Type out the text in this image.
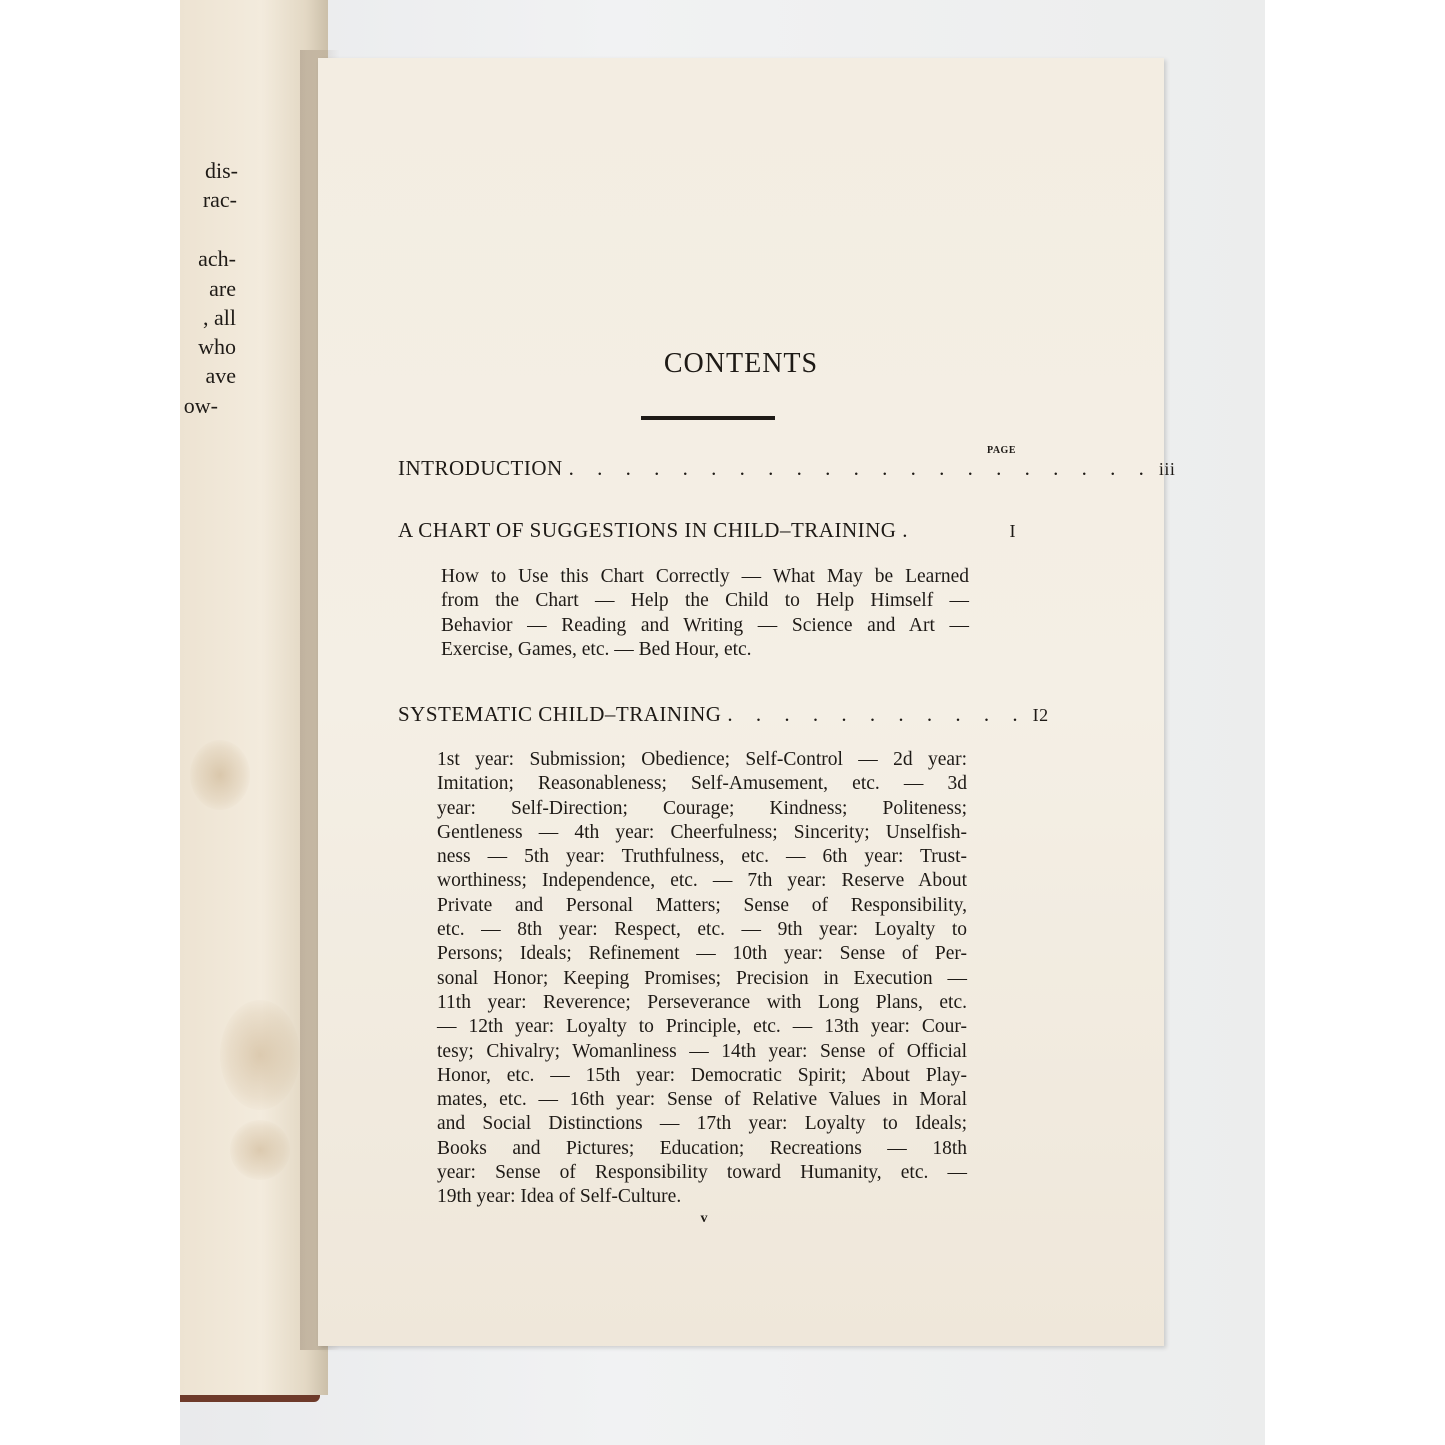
dis-
rac-
ach-
are
, all
who
ave
ow-
CONTENTS
PAGE
INTRODUCTION . . . . . . . . . . . . . . . . . . . . . iii
A CHART OF SUGGESTIONS IN CHILD–TRAINING .	I
How to Use this Chart Correctly — What May be Learned
from the Chart — Help the Child to Help Himself —
Behavior — Reading and Writing — Science and Art —
Exercise, Games, etc. — Bed Hour, etc.
SYSTEMATIC CHILD–TRAINING . . . . . . . . . . . I2
1st year: Submission; Obedience; Self-Control — 2d year:
Imitation; Reasonableness; Self-Amusement, etc. — 3d
year: Self-Direction; Courage; Kindness; Politeness;
Gentleness — 4th year: Cheerfulness; Sincerity; Unselfish-
ness — 5th year: Truthfulness, etc. — 6th year: Trust-
worthiness; Independence, etc. — 7th year: Reserve About
Private and Personal Matters; Sense of Responsibility,
etc. — 8th year: Respect, etc. — 9th year: Loyalty to
Persons; Ideals; Refinement — 10th year: Sense of Per-
sonal Honor; Keeping Promises; Precision in Execution —
11th year: Reverence; Perseverance with Long Plans, etc.
— 12th year: Loyalty to Principle, etc. — 13th year: Cour-
tesy; Chivalry; Womanliness — 14th year: Sense of Official
Honor, etc. — 15th year: Democratic Spirit; About Play-
mates, etc. — 16th year: Sense of Relative Values in Moral
and Social Distinctions — 17th year: Loyalty to Ideals;
Books and Pictures; Education; Recreations — 18th
year: Sense of Responsibility toward Humanity, etc. —
19th year: Idea of Self-Culture.
v
